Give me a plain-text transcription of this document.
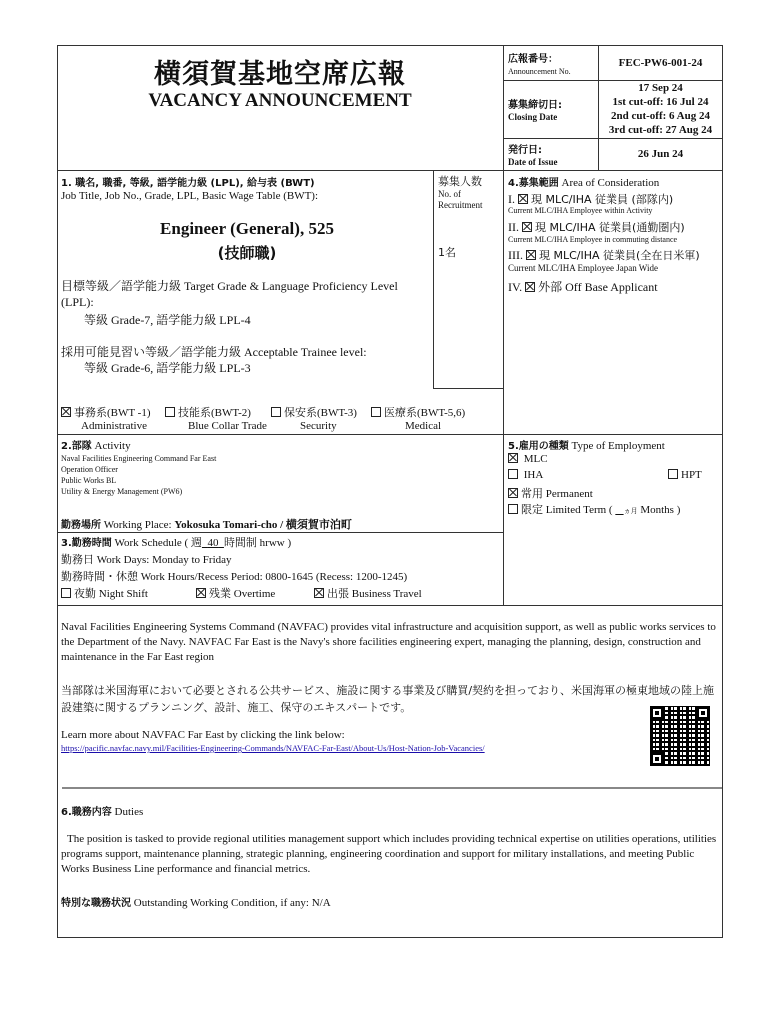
横須賀基地空席広報
VACANCY ANNOUNCEMENT
広報番号：
Announcement No.
FEC-PW6-001-24
募集締切日:
Closing Date
17 Sep 24
1st cut-off: 16 Jul 24
2nd cut-off: 6 Aug 24
3rd cut-off: 27 Aug 24
発行日:
Date of Issue
26 Jun 24
1. 職名, 職番, 等級, 語学能力級 (LPL), 給与表 (BWT)
Job Title, Job No., Grade, LPL, Basic Wage Table (BWT):
Engineer (General), 525
(技師職)
目標等級／語学能力級 Target Grade & Language Proficiency Level (LPL):
等級 Grade-7, 語学能力級 LPL-4
採用可能見習い等級／語学能力級 Acceptable Trainee level:
等級 Grade-6, 語学能力級 LPL-3
募集人数
No. of Recruitment
1名
事務系(BWT -1)	技能系(BWT-2)	保安系(BWT-3)	医療系(BWT-5,6)
Administrative	Blue Collar Trade	Security	Medical
4.募集範囲 Area of Consideration
I. 現 MLC/IHA 従業員 (部隊内)
Current MLC/IHA Employee within Activity
II. 現 MLC/IHA 従業員(通勤圏内)
Current MLC/IHA Employee in commuting distance
III. 現 MLC/IHA 従業員(全在日米軍)
Current MLC/IHA Employee Japan Wide
IV. 外部 Off Base Applicant
2.部隊 Activity
Naval Facilities Engineering Command Far East
Operation Officer
Public Works BL
Utility & Energy Management (PW6)
勤務場所 Working Place: Yokosuka Tomari-cho / 横須賀市泊町
3.勤務時間 Work Schedule ( 週 40 時間制 hrww )
勤務日 Work Days: Monday to Friday
勤務時間・休憩 Work Hours/Recess Period: 0800-1645 (Recess: 1200-1245)
夜勤 Night Shift	残業 Overtime	出張 Business Travel
5.雇用の種類 Type of Employment
MLC
IHA	HPT
常用 Permanent
限定 Limited Term (    ヵ月 Months )
Naval Facilities Engineering Systems Command (NAVFAC) provides vital infrastructure and acquisition support, as well as public works services to the Department of the Navy. NAVFAC Far East is the Navy's shore facilities engineering expert, managing the planning, design, construction and maintenance in the Far East region
当部隊は米国海軍において必要とされる公共サービス、施設に関する事業及び購買/契約を担っており、米国海軍の極東地域の陸上施設建築に関するプランニング、設計、施工、保守のエキスパートです。
Learn more about NAVFAC Far East by clicking the link below:
https://pacific.navfac.navy.mil/Facilities-Engineering-Commands/NAVFAC-Far-East/About-Us/Host-Nation-Job-Vacancies/
6.職務内容 Duties
The position is tasked to provide regional utilities management support which includes providing technical expertise on utilities operations, utilities programs support, maintenance planning, strategic planning, engineering coordination and support for military installations, and meeting Public Works Business Line performance and financial metrics.
特別な職務状況 Outstanding Working Condition, if any: N/A
